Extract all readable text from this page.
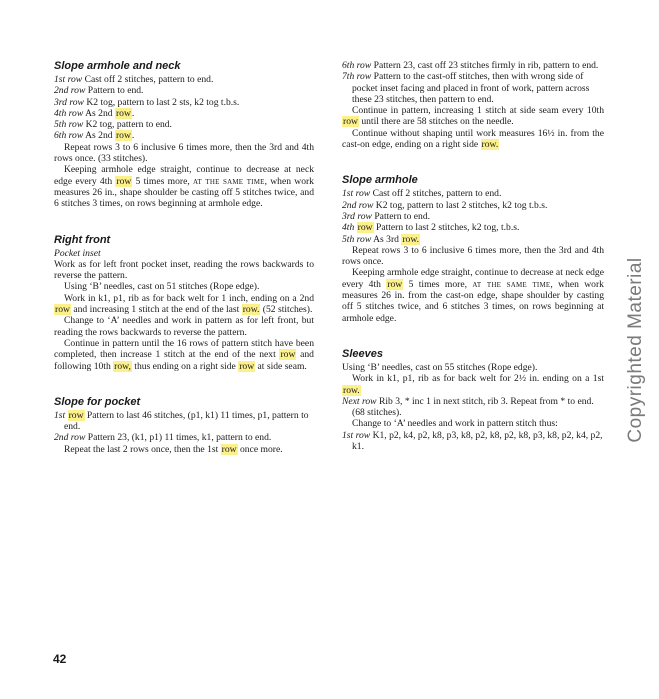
Slope armhole and neck

1st row Cast off 2 stitches, pattern to end.

2nd row Pattern to end.

3rd row K2 tog, pattern to last 2 sts, k2 tog t.b.s.

4th row As 2nd row.

5th row K2 tog, pattern to end.

6th row As 2nd row.

Repeat rows 3 to 6 inclusive 6 times more, then the 3rd and 4th rows once. (33 stitches).

Keeping armhole edge straight, continue to decrease at neck edge every 4th row 5 times more, at the same time, when work measures 26 in., shape shoulder be casting off 5 stitches twice, and 6 stitches 3 times, on rows beginning at armhole edge.

Right front

Pocket inset

Work as for left front pocket inset, reading the rows backwards to reverse the pattern.

Using ‘B’ needles, cast on 51 stitches (Rope edge).

Work in k1, p1, rib as for back welt for 1 inch, ending on a 2nd row and increasing 1 stitch at the end of the last row. (52 stitches).

Change to ‘A’ needles and work in pattern as for left front, but reading the rows backwards to reverse the pattern.

Continue in pattern until the 16 rows of pattern stitch have been completed, then increase 1 stitch at the end of the next row and following 10th row, thus ending on a right side row at side seam.

Slope for pocket

1st row Pattern to last 46 stitches, (p1, k1) 11 times, p1, pattern to end.

2nd row Pattern 23, (k1, p1) 11 times, k1, pattern to end.

Repeat the last 2 rows once, then the 1st row once more.

6th row Pattern 23, cast off 23 stitches firmly in rib, pattern to end.

7th row Pattern to the cast-off stitches, then with wrong side of pocket inset facing and placed in front of work, pattern across these 23 stitches, then pattern to end.

Continue in pattern, increasing 1 stitch at side seam every 10th row until there are 58 stitches on the needle.

Continue without shaping until work measures 16½ in. from the cast-on edge, ending on a right side row.

Slope armhole

1st row Cast off 2 stitches, pattern to end.

2nd row K2 tog, pattern to last 2 stitches, k2 tog t.b.s.

3rd row Pattern to end.

4th row Pattern to last 2 stitches, k2 tog, t.b.s.

5th row As 3rd row.

Repeat rows 3 to 6 inclusive 6 times more, then the 3rd and 4th rows once.

Keeping armhole edge straight, continue to decrease at neck edge every 4th row 5 times more, at the same time, when work measures 26 in. from the cast-on edge, shape shoulder by casting off 5 stitches twice, and 6 stitches 3 times, on rows beginning at armhole edge.

Sleeves

Using ‘B’ needles, cast on 55 stitches (Rope edge).

Work in k1, p1, rib as for back welt for 2½ in. ending on a 1st row.

Next row Rib 3, * inc 1 in next stitch, rib 3. Repeat from * to end. (68 stitches).

Change to ‘A’ needles and work in pattern stitch thus:

1st row K1, p2, k4, p2, k8, p3, k8, p2, k8, p2, k8, p3, k8, p2, k4, p2, k1.

42
Copyrighted Material
